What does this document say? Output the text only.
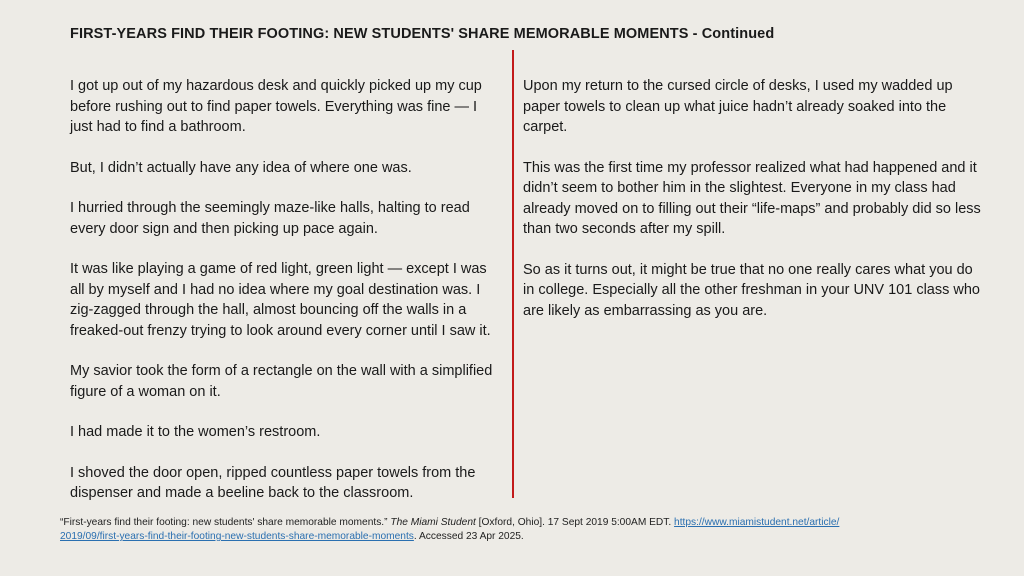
FIRST-YEARS FIND THEIR FOOTING: NEW STUDENTS' SHARE MEMORABLE MOMENTS - Continued

I got up out of my hazardous desk and quickly picked up my cup before rushing out to find paper towels. Everything was fine — I just had to find a bathroom.

But, I didn’t actually have any idea of where one was.

I hurried through the seemingly maze-like halls, halting to read every door sign and then picking up pace again.

It was like playing a game of red light, green light — except I was all by myself and I had no idea where my goal destination was. I zig-zagged through the hall, almost bouncing off the walls in a freaked-out frenzy trying to look around every corner until I saw it.

My savior took the form of a rectangle on the wall with a simplified figure of a woman on it.

I had made it to the women’s restroom.

I shoved the door open, ripped countless paper towels from the dispenser and made a beeline back to the classroom.

Upon my return to the cursed circle of desks, I used my wadded up paper towels to clean up what juice hadn’t already soaked into the carpet.

This was the first time my professor realized what had happened and it didn’t seem to bother him in the slightest. Everyone in my class had already moved on to filling out their “life-maps” and probably did so less than two seconds after my spill.

So as it turns out, it might be true that no one really cares what you do in college. Especially all the other freshman in your UNV 101 class who are likely as embarrassing as you are.

“First-years find their footing: new students' share memorable moments.” The Miami Student [Oxford, Ohio]. 17 Sept 2019 5:00AM EDT. https://www.miamistudent.net/article/
2019/09/first-years-find-their-footing-new-students-share-memorable-moments. Accessed 23 Apr 2025.
